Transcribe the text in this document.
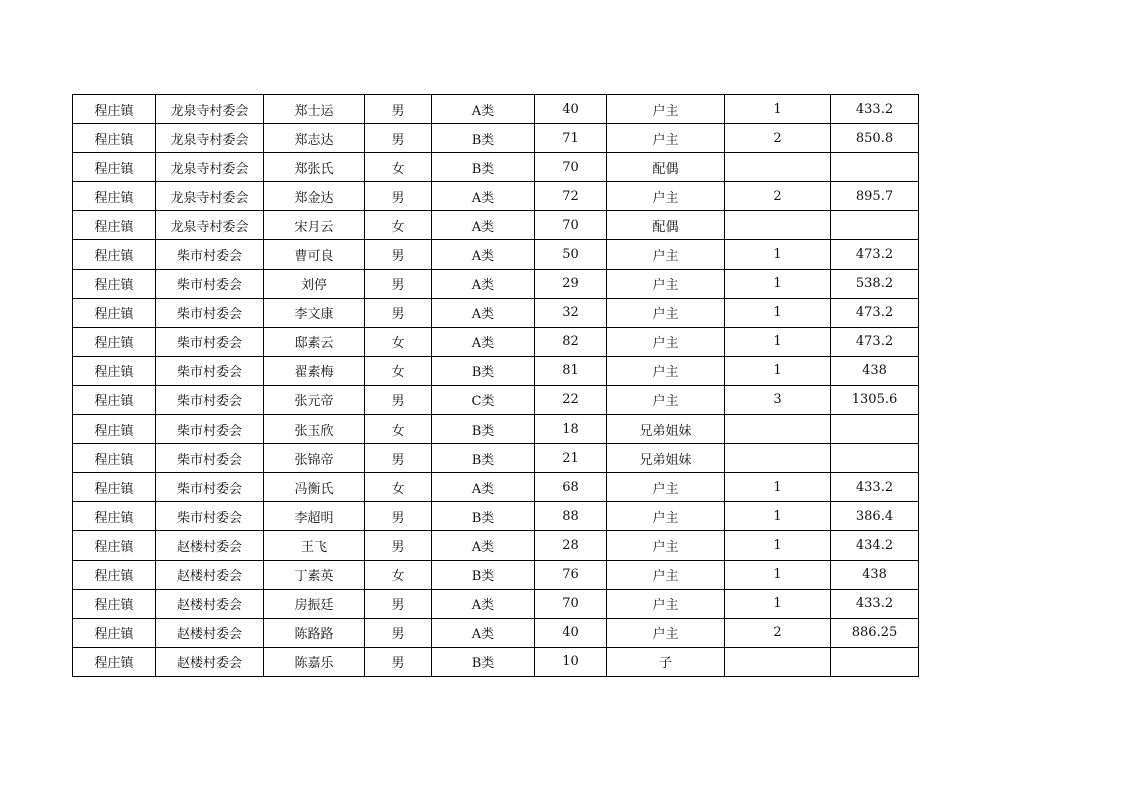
程庄镇	龙泉寺村委会	郑士运	男	A类	40	户主	1	433.2
程庄镇	龙泉寺村委会	郑志达	男	B类	71	户主	2	850.8
程庄镇	龙泉寺村委会	郑张氏	女	B类	70	配偶		
程庄镇	龙泉寺村委会	郑金达	男	A类	72	户主	2	895.7
程庄镇	龙泉寺村委会	宋月云	女	A类	70	配偶		
程庄镇	柴市村委会	曹可良	男	A类	50	户主	1	473.2
程庄镇	柴市村委会	刘停	男	A类	29	户主	1	538.2
程庄镇	柴市村委会	李文康	男	A类	32	户主	1	473.2
程庄镇	柴市村委会	邸素云	女	A类	82	户主	1	473.2
程庄镇	柴市村委会	翟素梅	女	B类	81	户主	1	438
程庄镇	柴市村委会	张元帝	男	C类	22	户主	3	1305.6
程庄镇	柴市村委会	张玉欣	女	B类	18	兄弟姐妹		
程庄镇	柴市村委会	张锦帝	男	B类	21	兄弟姐妹		
程庄镇	柴市村委会	冯衡氏	女	A类	68	户主	1	433.2
程庄镇	柴市村委会	李超明	男	B类	88	户主	1	386.4
程庄镇	赵楼村委会	王飞	男	A类	28	户主	1	434.2
程庄镇	赵楼村委会	丁素英	女	B类	76	户主	1	438
程庄镇	赵楼村委会	房振廷	男	A类	70	户主	1	433.2
程庄镇	赵楼村委会	陈路路	男	A类	40	户主	2	886.25
程庄镇	赵楼村委会	陈嘉乐	男	B类	10	子		
